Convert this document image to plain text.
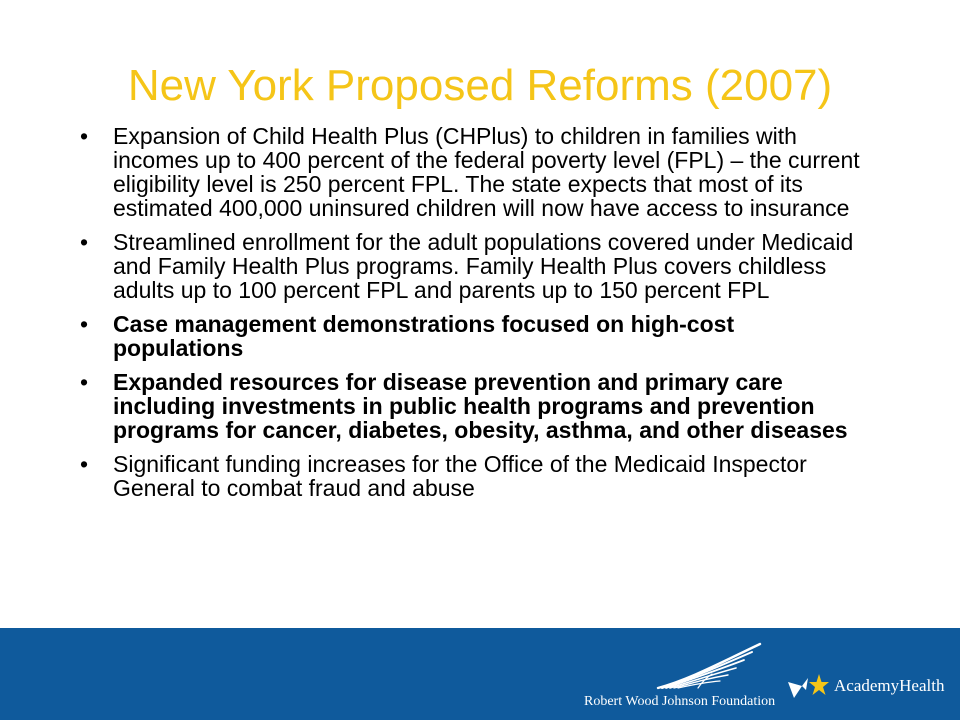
New York Proposed Reforms (2007)
• Expansion of Child Health Plus (CHPlus) to children in families with incomes up to 400 percent of the federal poverty level (FPL) – the current eligibility level is 250 percent FPL. The state expects that most of its estimated 400,000 uninsured children will now have access to insurance
• Streamlined enrollment for the adult populations covered under Medicaid and Family Health Plus programs. Family Health Plus covers childless adults up to 100 percent FPL and parents up to 150 percent FPL
• Case management demonstrations focused on high-cost populations
• Expanded resources for disease prevention and primary care including investments in public health programs and prevention programs for cancer, diabetes, obesity, asthma, and other diseases
• Significant funding increases for the Office of the Medicaid Inspector General to combat fraud and abuse
Robert Wood Johnson Foundation
AcademyHealth
